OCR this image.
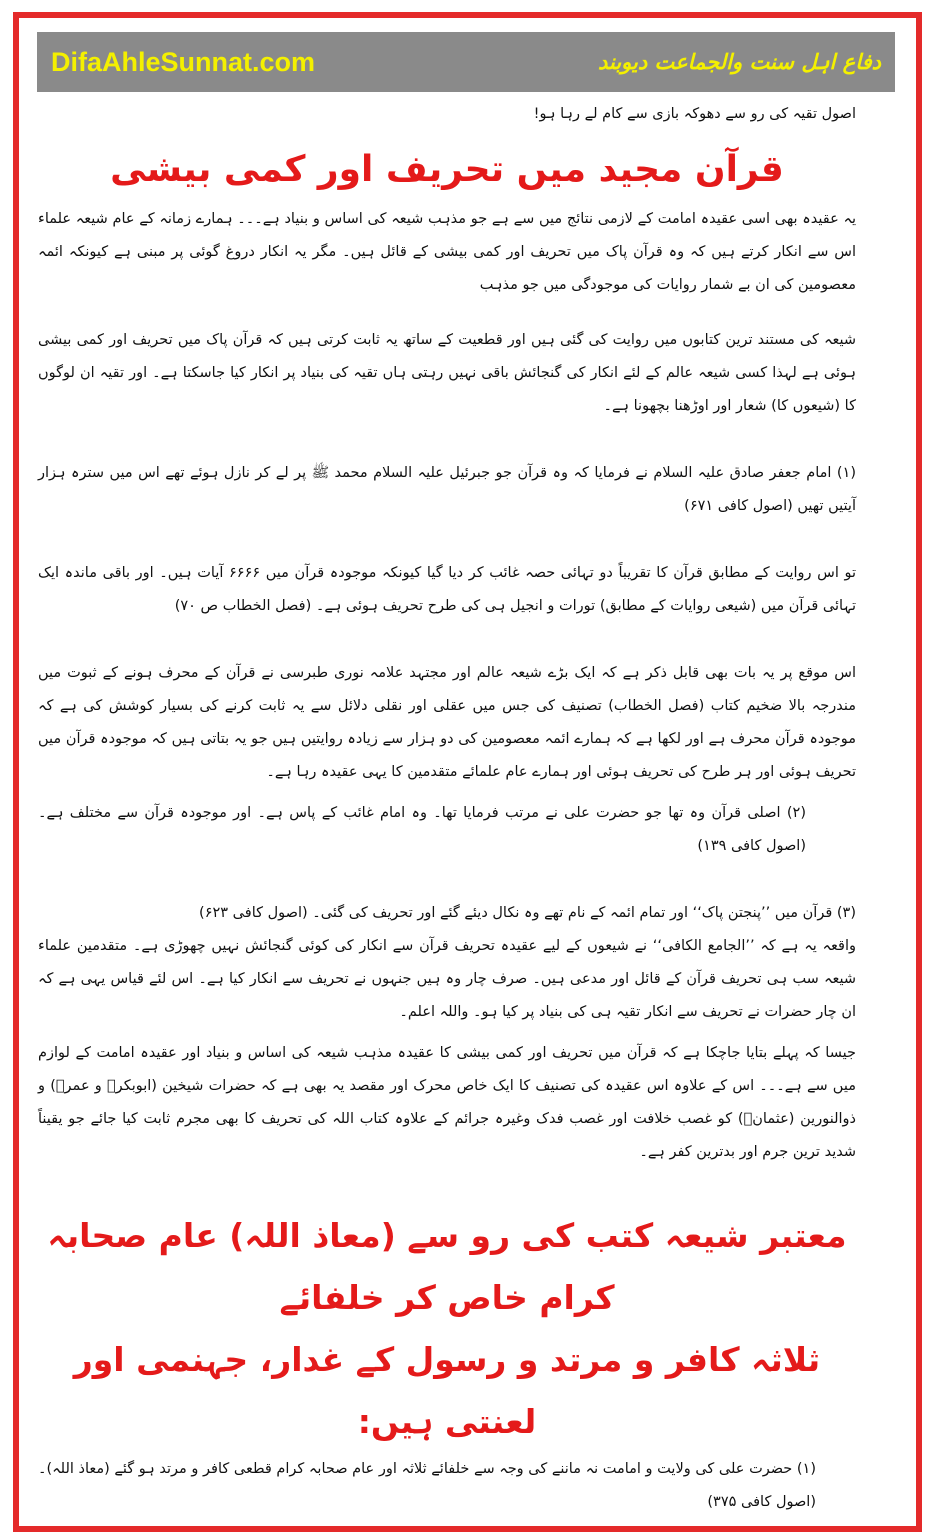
DifaAhleSunnat.com	دفاع اہل سنت والجماعت دیوبند

اصول تقیہ کی رو سے دھوکہ بازی سے کام لے رہا ہو!

قرآن مجید میں تحریف اور کمی بیشی

یہ عقیدہ بھی اسی عقیدہ امامت کے لازمی نتائج میں سے ہے جو مذہب شیعہ کی اساس و بنیاد ہے۔۔۔ ہمارے زمانہ کے عام شیعہ علماء اس سے انکار کرتے ہیں کہ وہ قرآن پاک میں تحریف اور کمی بیشی کے قائل ہیں۔ مگر یہ انکار دروغ گوئی پر مبنی ہے کیونکہ ائمہ معصومین کی ان بے شمار روایات کی موجودگی میں جو مذہب

شیعہ کی مستند ترین کتابوں میں روایت کی گئی ہیں اور قطعیت کے ساتھ یہ ثابت کرتی ہیں کہ قرآن پاک میں تحریف اور کمی بیشی ہوئی ہے لہذا کسی شیعہ عالم کے لئے انکار کی گنجائش باقی نہیں رہتی ہاں تقیہ کی بنیاد پر انکار کیا جاسکتا ہے۔ اور تقیہ ان لوگوں کا (شیعوں کا) شعار اور اوڑھنا بچھونا ہے۔

(۱) امام جعفر صادق علیہ السلام نے فرمایا کہ وہ قرآن جو جبرئیل علیہ السلام محمد ﷺ پر لے کر نازل ہوئے تھے اس میں سترہ ہزار آیتیں تھیں (اصول کافی ۶۷۱)

تو اس روایت کے مطابق قرآن کا تقریباً دو تہائی حصہ غائب کر دیا گیا کیونکہ موجودہ قرآن میں ۶۶۶۶ آیات ہیں۔ اور باقی ماندہ ایک تہائی قرآن میں (شیعی روایات کے مطابق) تورات و انجیل ہی کی طرح تحریف ہوئی ہے۔ (فصل الخطاب ص ۷۰)

اس موقع پر یہ بات بھی قابل ذکر ہے کہ ایک بڑے شیعہ عالم اور مجتہد علامہ نوری طبرسی نے قرآن کے محرف ہونے کے ثبوت میں مندرجہ بالا ضخیم کتاب (فصل الخطاب) تصنیف کی جس میں عقلی اور نقلی دلائل سے یہ ثابت کرنے کی بسیار کوشش کی ہے کہ موجودہ قرآن محرف ہے اور لکھا ہے کہ ہمارے ائمہ معصومین کی دو ہزار سے زیادہ روایتیں ہیں جو یہ بتاتی ہیں کہ موجودہ قرآن میں تحریف ہوئی اور ہر طرح کی تحریف ہوئی اور ہمارے عام علمائے متقدمین کا یہی عقیدہ رہا ہے۔

(۲) اصلی قرآن وہ تھا جو حضرت علی نے مرتب فرمایا تھا۔ وہ امام غائب کے پاس ہے۔ اور موجودہ قرآن سے مختلف ہے۔ (اصول کافی ۱۳۹)

(۳) قرآن میں ’’پنجتن پاک‘‘ اور تمام ائمہ کے نام تھے وہ نکال دیئے گئے اور تحریف کی گئی۔ (اصول کافی ۶۲۳)

واقعہ یہ ہے کہ ’’الجامع الکافی‘‘ نے شیعوں کے لیے عقیدہ تحریف قرآن سے انکار کی کوئی گنجائش نہیں چھوڑی ہے۔ متقدمین علماء شیعہ سب ہی تحریف قرآن کے قائل اور مدعی ہیں۔ صرف چار وہ ہیں جنہوں نے تحریف سے انکار کیا ہے۔ اس لئے قیاس یہی ہے کہ ان چار حضرات نے تحریف سے انکار تقیہ ہی کی بنیاد پر کیا ہو۔ واللہ اعلم۔

جیسا کہ پہلے بتایا جاچکا ہے کہ قرآن میں تحریف اور کمی بیشی کا عقیدہ مذہب شیعہ کی اساس و بنیاد اور عقیدہ امامت کے لوازم میں سے ہے۔۔۔ اس کے علاوہ اس عقیدہ کی تصنیف کا ایک خاص محرک اور مقصد یہ بھی ہے کہ حضرات شیخین (ابوبکرؓ و عمرؓ) و ذوالنورین (عثمانؓ) کو غصب خلافت اور غصب فدک وغیرہ جرائم کے علاوہ کتاب اللہ کی تحریف کا بھی مجرم ثابت کیا جائے جو یقیناً شدید ترین جرم اور بدترین کفر ہے۔

معتبر شیعہ کتب کی رو سے (معاذ اللہ) عام صحابہ کرام خاص کر خلفائے

ثلاثہ کافر و مرتد و رسول کے غدار، جہنمی اور لعنتی ہیں:

(۱) حضرت علی کی ولایت و امامت نہ ماننے کی وجہ سے خلفائے ثلاثہ اور عام صحابہ کرام قطعی کافر و مرتد ہو گئے (معاذ اللہ)۔ (اصول کافی ۳۷۵)
